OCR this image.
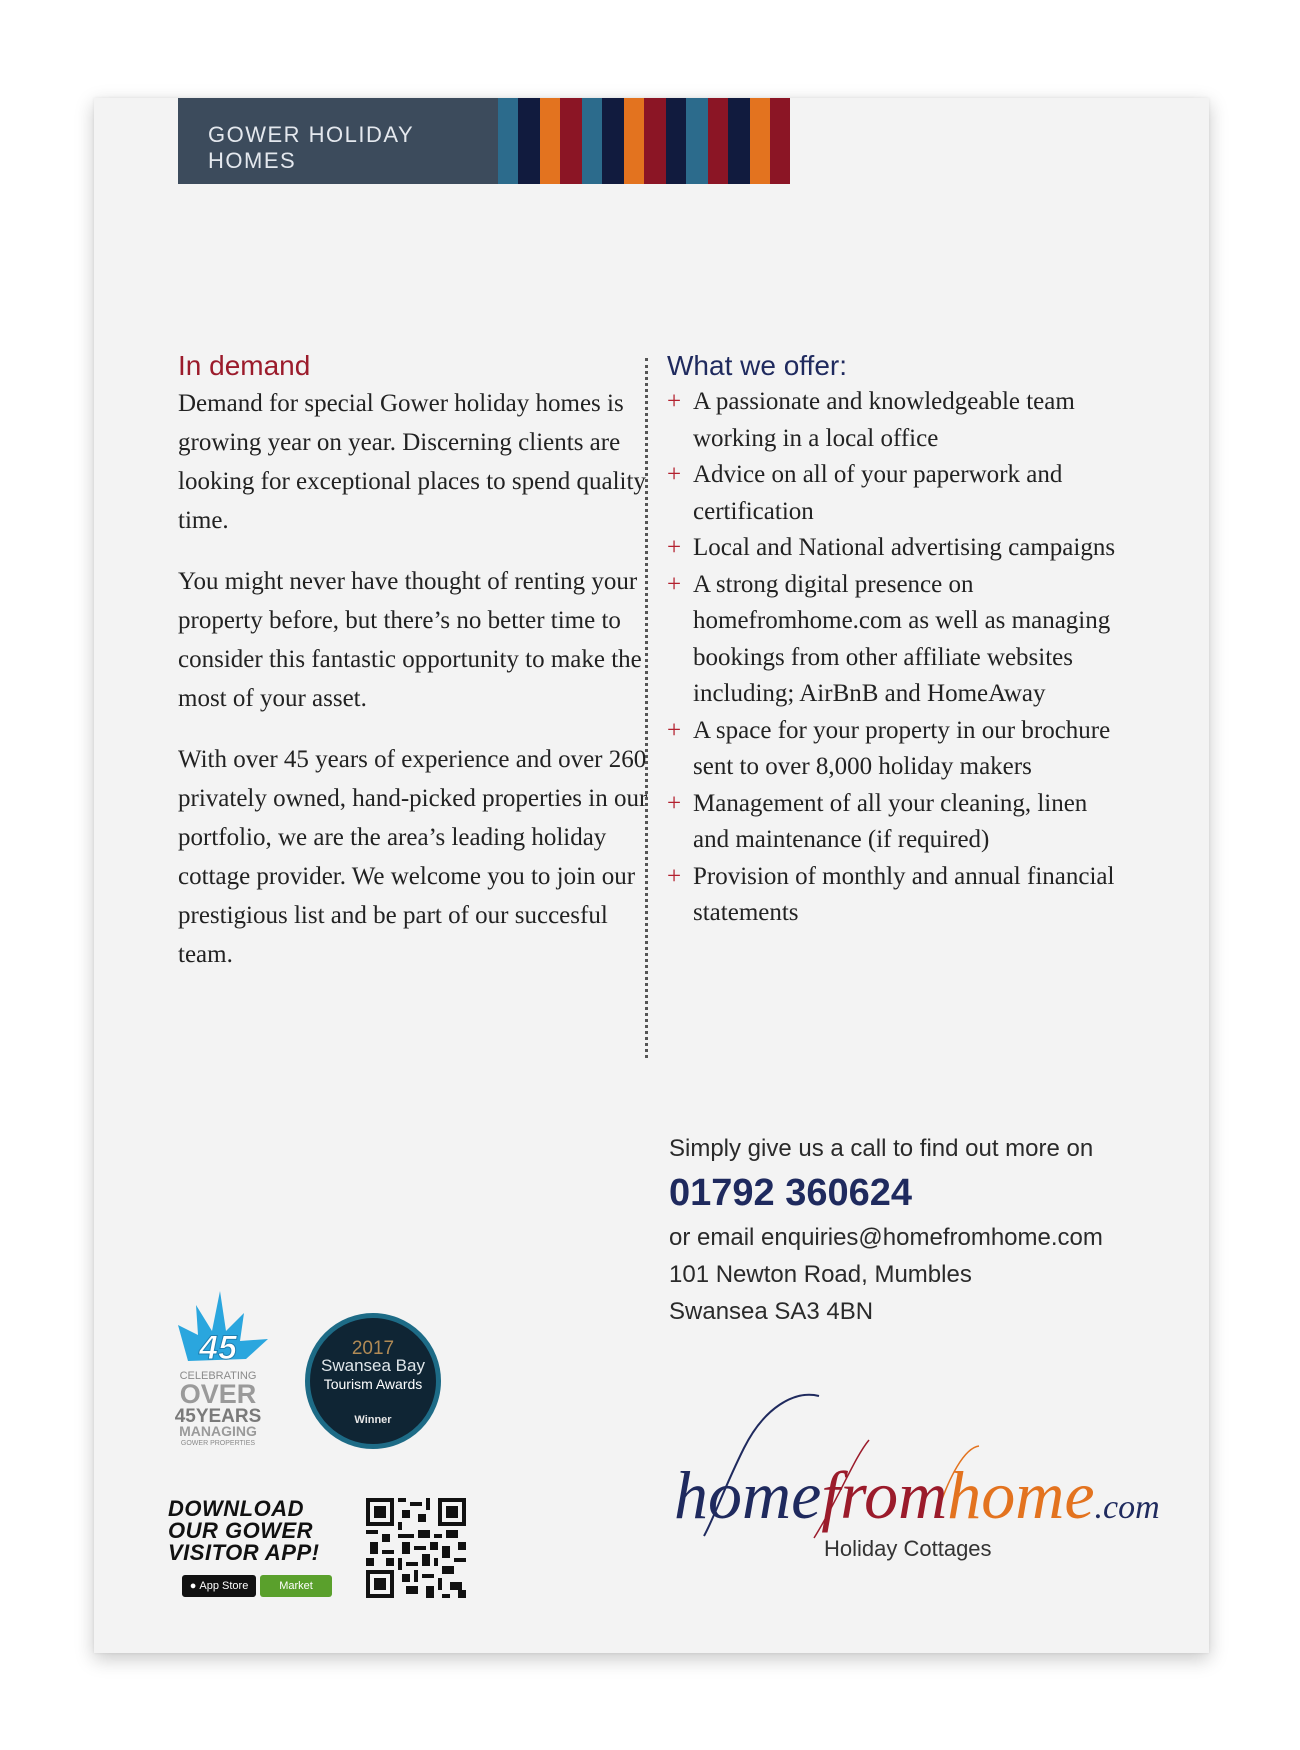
GOWER HOLIDAY HOMES
In demand

Demand for special Gower holiday homes is growing year on year. Discerning clients are looking for exceptional places to spend quality time.

You might never have thought of renting your property before, but there’s no better time to consider this fantastic opportunity to make the most of your asset.

With over 45 years of experience and over 260 privately owned, hand-picked properties in our portfolio, we are the area’s leading holiday cottage provider. We welcome you to join our prestigious list and be part of our succesful team.

What we offer:
+ A passionate and knowledgeable team working in a local office
+ Advice on all of your paperwork and certification
+ Local and National advertising campaigns
+ A strong digital presence on homefromhome.com as well as managing bookings from other affiliate websites including; AirBnB and HomeAway
+ A space for your property in our brochure sent to over 8,000 holiday makers
+ Management of all your cleaning, linen and maintenance (if required)
+ Provision of monthly and annual financial statements
Simply give us a call to find out more on
01792 360624
or email enquiries@homefromhome.com
101 Newton Road, Mumbles
Swansea SA3 4BN
45
CELEBRATING
OVER
45YEARS
MANAGING
GOWER PROPERTIES
2017
Swansea Bay
Tourism Awards
Winner
DOWNLOAD
OUR GOWER
VISITOR APP!
● App Store	Market
homefromhome.com
Holiday Cottages
